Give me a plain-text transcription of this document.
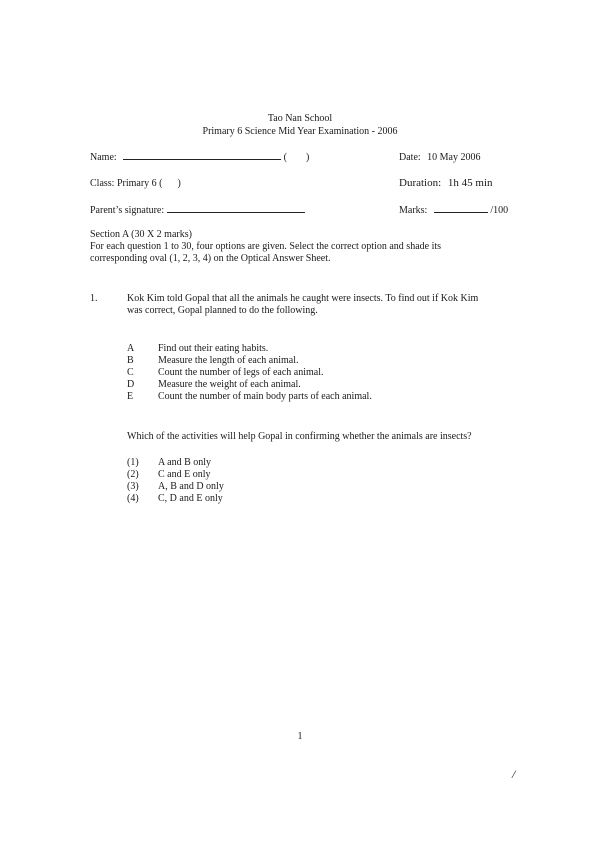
Tao Nan School
Primary 6 Science Mid Year Examination - 2006
Name:	( )	Date: 10 May 2006
Class: Primary 6 ( )	Duration: 1h 45 min
Parent’s signature:	Marks:	/100
Section A (30 X 2 marks)
For each question 1 to 30, four options are given. Select the correct option and shade its
corresponding oval (1, 2, 3, 4) on the Optical Answer Sheet.
1.	Kok Kim told Gopal that all the animals he caught were insects. To find out if Kok Kim
was correct, Gopal planned to do the following.
A Find out their eating habits.
B Measure the length of each animal.
C Count the number of legs of each animal.
D Measure the weight of each animal.
E Count the number of main body parts of each animal.
Which of the activities will help Gopal in confirming whether the animals are insects?
(1) A and B only
(2) C and E only
(3) A, B and D only
(4) C, D and E only
1
/
